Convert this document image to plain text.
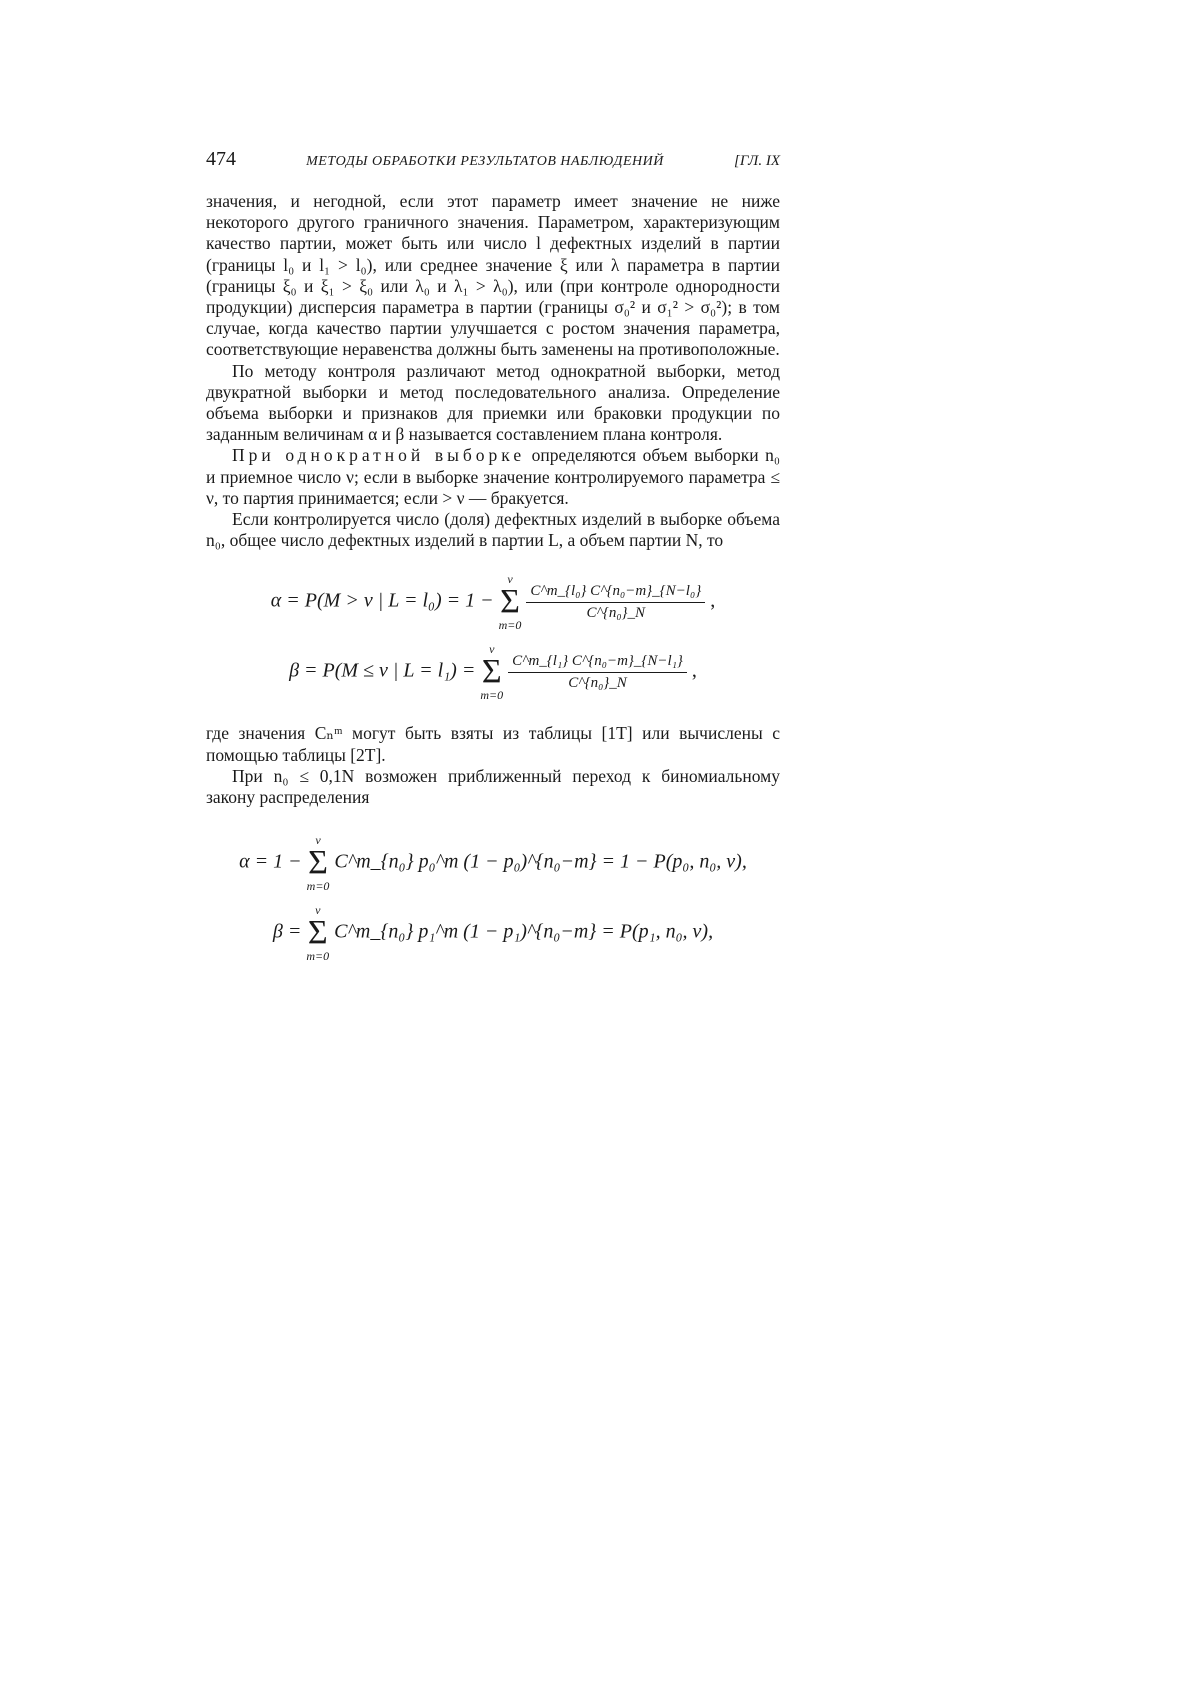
474	МЕТОДЫ ОБРАБОТКИ РЕЗУЛЬТАТОВ НАБЛЮДЕНИЙ	[ГЛ. IX

значения, и негодной, если этот параметр имеет значение не ниже некоторого другого граничного значения. Параметром, характеризующим качество партии, может быть или число l дефектных изделий в партии (границы l₀ и l₁ > l₀), или среднее значение ξ или λ параметра в партии (границы ξ₀ и ξ₁ > ξ₀ или λ₀ и λ₁ > λ₀), или (при контроле однородности продукции) дисперсия параметра в партии (границы σ₀² и σ₁² > σ₀²); в том случае, когда качество партии улучшается с ростом значения параметра, соответствующие неравенства должны быть заменены на противоположные.

По методу контроля различают метод однократной выборки, метод двукратной выборки и метод последовательного анализа. Определение объема выборки и признаков для приемки или браковки продукции по заданным величинам α и β называется составлением плана контроля.

При однократной выборке определяются объем выборки n₀ и приемное число ν; если в выборке значение контролируемого параметра ≤ ν, то партия принимается; если > ν — бракуется.

Если контролируется число (доля) дефектных изделий в выборке объема n₀, общее число дефектных изделий в партии L, а объем партии N, то

α = P(M > ν | L = l₀) = 1 −
ν
Σ
m=0

$\frac{\text{C\textasciicircum{}m\_\{l₀\} C\textasciicircum{}\{n₀−m\}\_\{N−l₀\}}}{\text{C\textasciicircum{}\{n₀\}\_N}}$ ,
β = P(M ≤ ν | L = l₁) =
ν
Σ
m=0

$\frac{\text{C\textasciicircum{}m\_\{l₁\} C\textasciicircum{}\{n₀−m\}\_\{N−l₁\}}}{\text{C\textasciicircum{}\{n₀\}\_N}}$ ,

где значения Cₙᵐ могут быть взяты из таблицы [1T] или вычислены с помощью таблицы [2T].

При n₀ ≤ 0,1N возможен приближенный переход к биномиальному закону распределения

α = 1 −
ν
Σ
m=0
C^m_{n₀} p₀^m (1 − p₀)^{n₀−m} = 1 − P(p₀, n₀, ν),
β =
ν
Σ
m=0
C^m_{n₀} p₁^m (1 − p₁)^{n₀−m} = P(p₁, n₀, ν),
